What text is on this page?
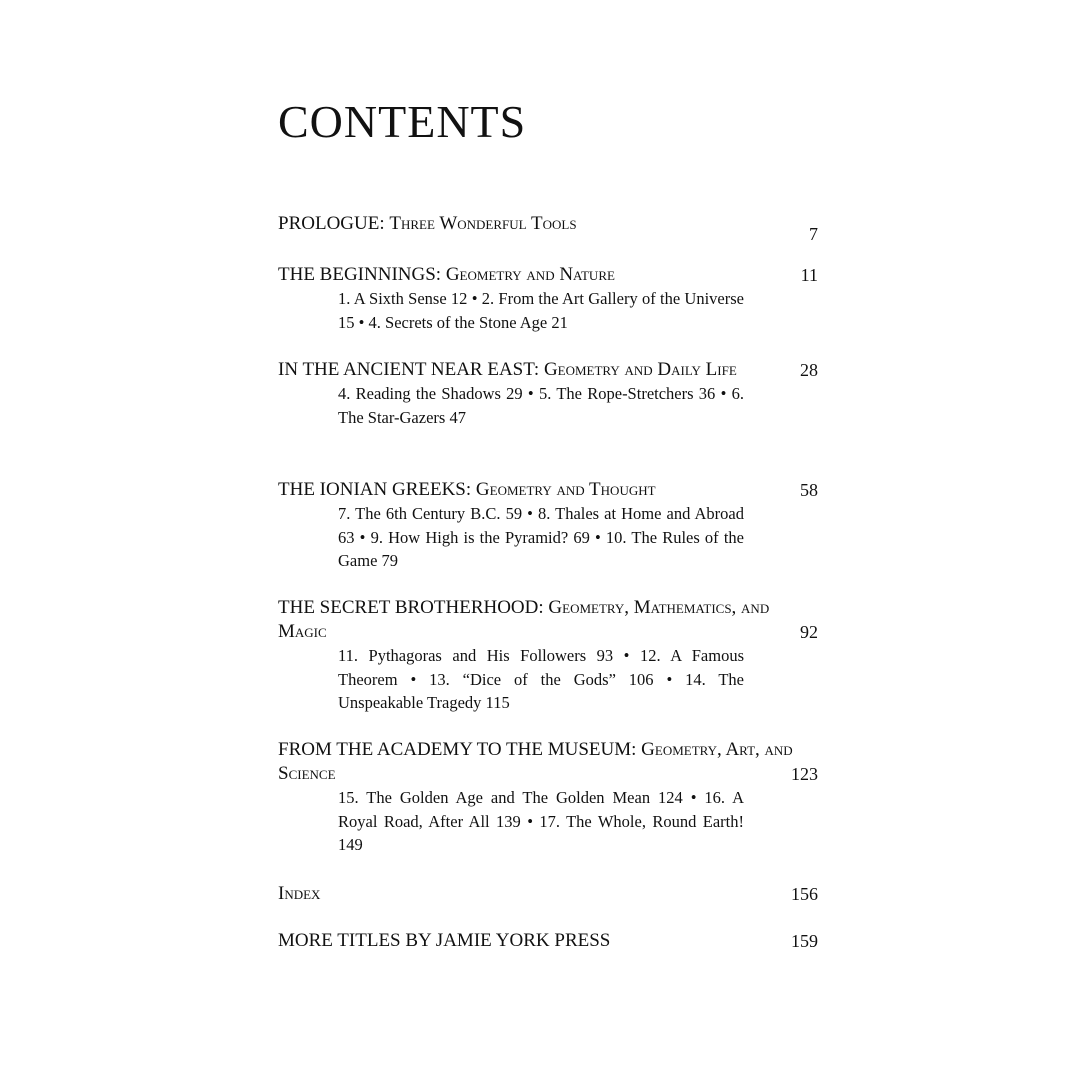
CONTENTS
PROLOGUE: Three Wonderful Tools	7
THE BEGINNINGS: Geometry and Nature	11
1. A Sixth Sense 12 • 2. From the Art Gallery of the Universe 15 • 4. Secrets of the Stone Age 21
IN THE ANCIENT NEAR EAST: Geometry and Daily Life	28
4. Reading the Shadows 29 • 5. The Rope-Stretchers 36 • 6. The Star-Gazers 47
THE IONIAN GREEKS: Geometry and Thought	58
7. The 6th Century B.C. 59 • 8. Thales at Home and Abroad 63 • 9. How High is the Pyramid? 69 • 10. The Rules of the Game 79
THE SECRET BROTHERHOOD: Geometry, Mathematics, and Magic	92
11. Pythagoras and His Followers 93 • 12. A Famous Theorem • 13. “Dice of the Gods” 106 • 14. The Unspeakable Tragedy 115
FROM THE ACADEMY TO THE MUSEUM: Geometry, Art, and Science	123
15. The Golden Age and The Golden Mean 124 • 16. A Royal Road, After All 139 • 17. The Whole, Round Earth! 149
Index	156
MORE TITLES BY JAMIE YORK PRESS	159
